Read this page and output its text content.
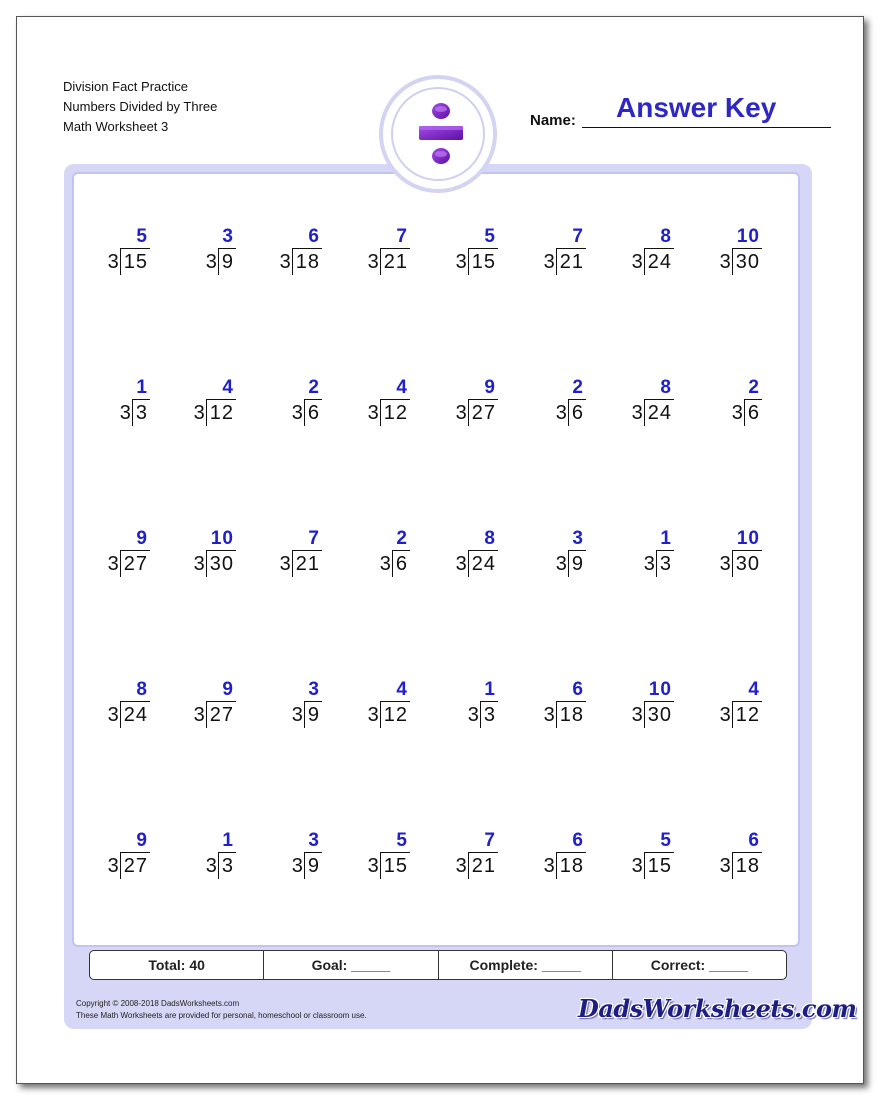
Division Fact Practice
Numbers Divided by Three
Math Worksheet 3
5
3 15
3
3 9
6
3 18
7
3 21
5
3 15
7
3 21
8
3 24
10
3 30
1
3 3
4
3 12
2
3 6
4
3 12
9
3 27
2
3 6
8
3 24
2
3 6
9
3 27
10
3 30
7
3 21
2
3 6
8
3 24
3
3 9
1
3 3
10
3 30
8
3 24
9
3 27
3
3 9
4
3 12
1
3 3
6
3 18
10
3 30
4
3 12
9
3 27
1
3 3
3
3 9
5
3 15
7
3 21
6
3 18
5
3 15
6
3 18
Name: Answer Key
Total: 40	Goal: _____	Complete: _____	Correct: _____
Copyright © 2008-2018 DadsWorksheets.com
These Math Worksheets are provided for personal, homeschool or classroom use.	DadsWorksheets.com
